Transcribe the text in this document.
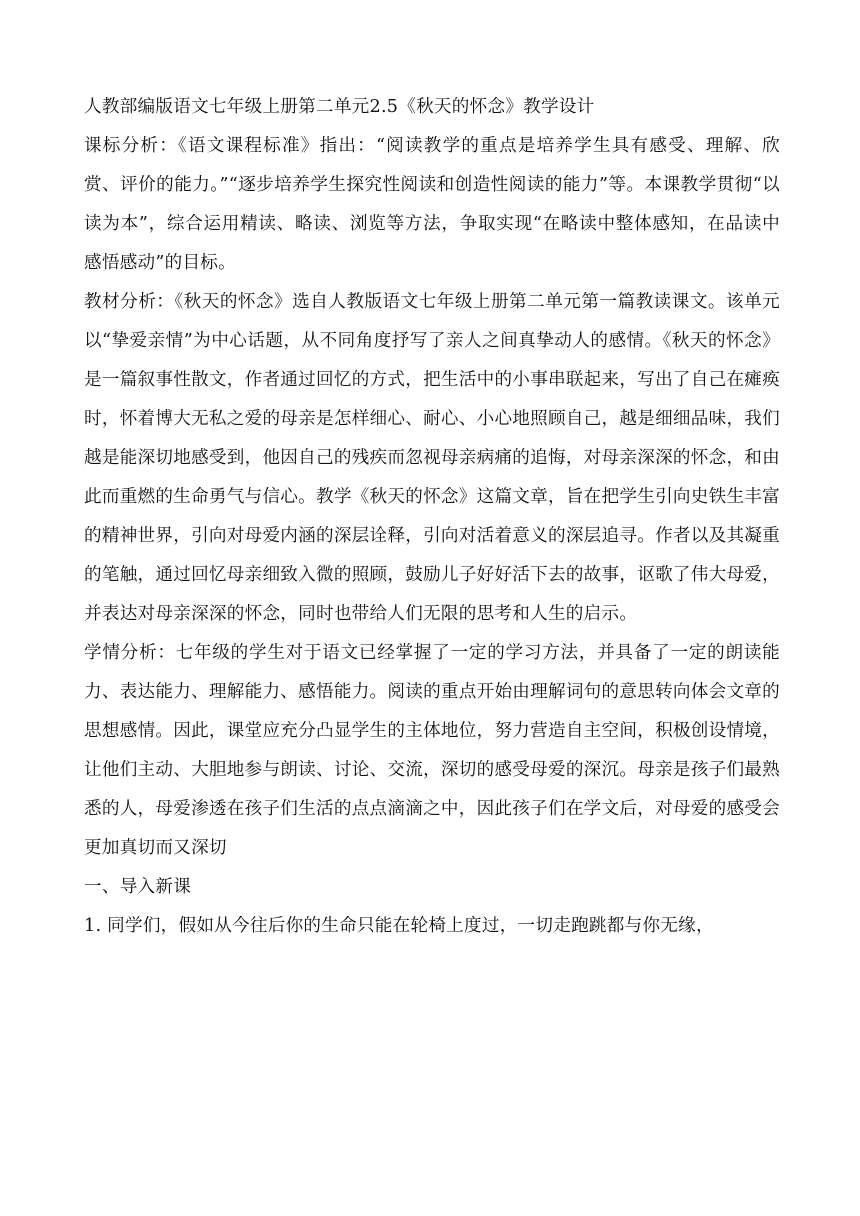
人教部编版语文七年级上册第二单元2.5《秋天的怀念》教学设计
课标分析：《语文课程标准》指出：“阅读教学的重点是培养学生具有感受、理解、欣赏、评价的能力。”“逐步培养学生探究性阅读和创造性阅读的能力”等。本课教学贯彻“以读为本”，综合运用精读、略读、浏览等方法，争取实现“在略读中整体感知，在品读中感悟感动”的目标。
教材分析：《秋天的怀念》选自人教版语文七年级上册第二单元第一篇教读课文。该单元以“挚爱亲情”为中心话题，从不同角度抒写了亲人之间真挚动人的感情。《秋天的怀念》是一篇叙事性散文，作者通过回忆的方式，把生活中的小事串联起来，写出了自己在瘫痪时，怀着博大无私之爱的母亲是怎样细心、耐心、小心地照顾自己，越是细细品味，我们越是能深切地感受到，他因自己的残疾而忽视母亲病痛的追悔，对母亲深深的怀念，和由此而重燃的生命勇气与信心。教学《秋天的怀念》这篇文章，旨在把学生引向史铁生丰富的精神世界，引向对母爱内涵的深层诠释，引向对活着意义的深层追寻。作者以及其凝重的笔触，通过回忆母亲细致入微的照顾，鼓励儿子好好活下去的故事，讴歌了伟大母爱，并表达对母亲深深的怀念，同时也带给人们无限的思考和人生的启示。
学情分析：七年级的学生对于语文已经掌握了一定的学习方法，并具备了一定的朗读能力、表达能力、理解能力、感悟能力。阅读的重点开始由理解词句的意思转向体会文章的思想感情。因此，课堂应充分凸显学生的主体地位，努力营造自主空间，积极创设情境，让他们主动、大胆地参与朗读、讨论、交流，深切的感受母爱的深沉。母亲是孩子们最熟悉的人，母爱渗透在孩子们生活的点点滴滴之中，因此孩子们在学文后，对母爱的感受会更加真切而又深切
一、导入新课
1. 同学们，假如从今往后你的生命只能在轮椅上度过，一切走跑跳都与你无缘，
